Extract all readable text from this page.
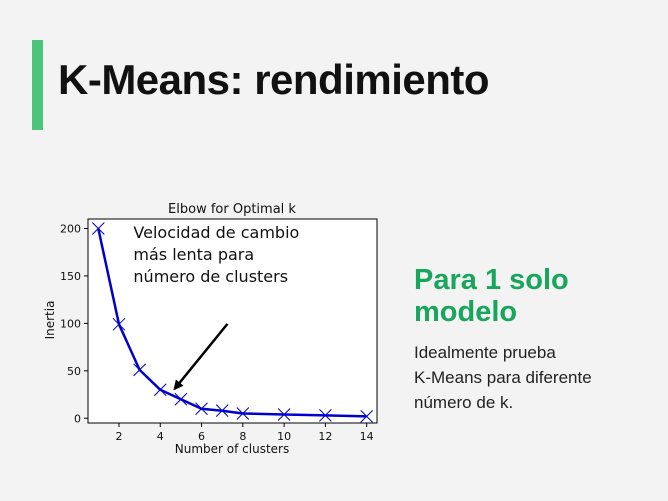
K-Means: rendimiento
Elbow for Optimal k
Inertia
Number of clusters
0
50
100
150
200
2	4	6	8	10 12 14
Velocidad de cambio
más lenta para
número de clusters	Para 1 solo
modelo
Idealmente prueba
K-Means para diferente
número de k.
